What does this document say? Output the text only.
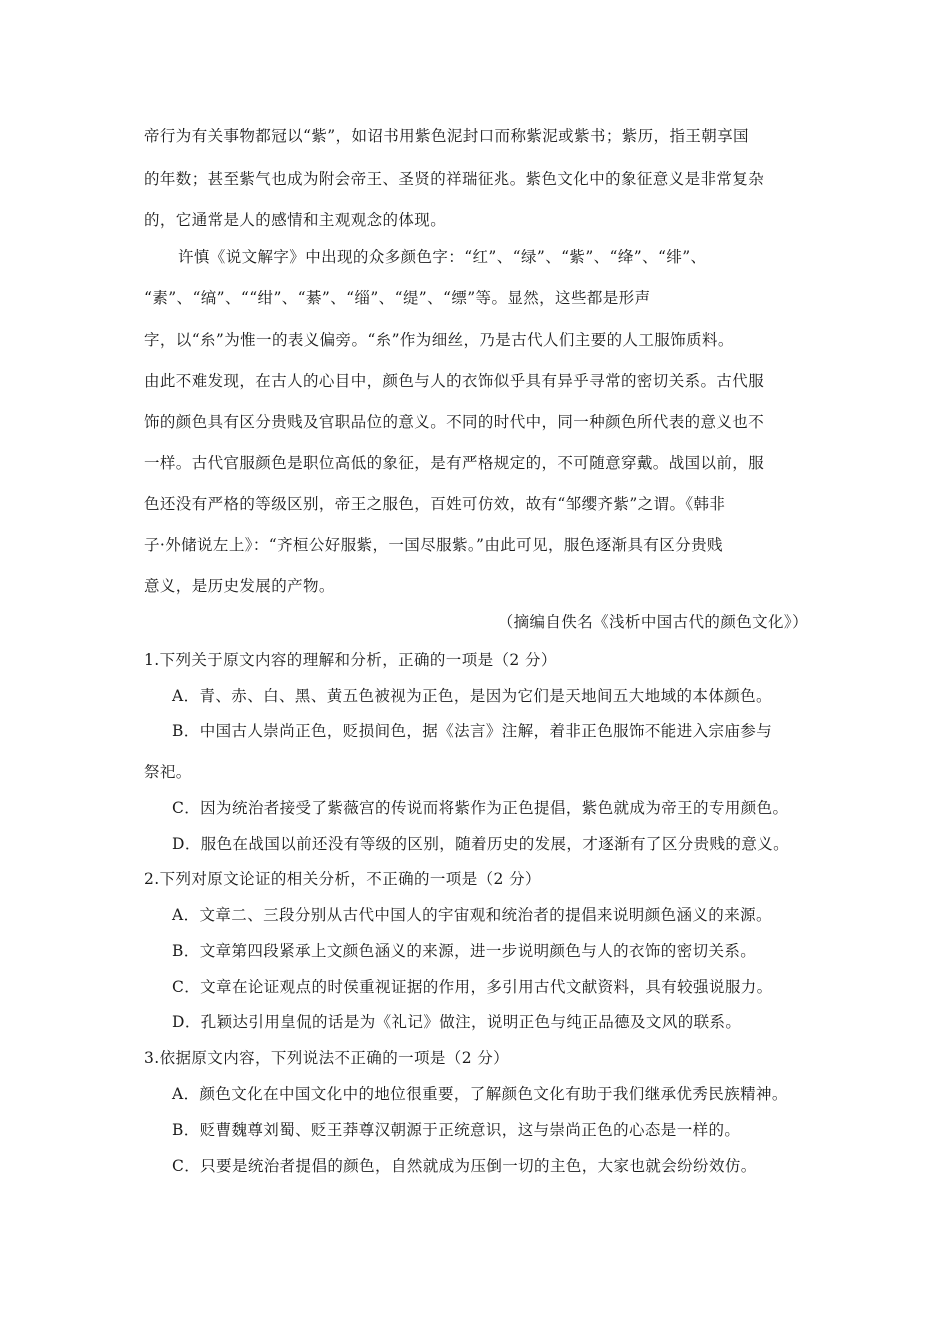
帝行为有关事物都冠以“紫”，如诏书用紫色泥封口而称紫泥或紫书；紫历，指王朝享国
的年数；甚至紫气也成为附会帝王、圣贤的祥瑞征兆。紫色文化中的象征意义是非常复杂
的，它通常是人的感情和主观观念的体现。
许慎《说文解字》中出现的众多颜色字：“红”、“绿”、“紫”、“绛”、“绯”、
“素”、“缟”、““绀”、“綦”、“缁”、“缇”、“缥”等。显然，这些都是形声
字，以“糸”为惟一的表义偏旁。“糸”作为细丝，乃是古代人们主要的人工服饰质料。
由此不难发现，在古人的心目中，颜色与人的衣饰似乎具有异乎寻常的密切关系。古代服
饰的颜色具有区分贵贱及官职品位的意义。不同的时代中，同一种颜色所代表的意义也不
一样。古代官服颜色是职位高低的象征，是有严格规定的，不可随意穿戴。战国以前，服
色还没有严格的等级区别，帝王之服色，百姓可仿效，故有“邹缨齐紫”之谓。《韩非
子·外储说左上》：“齐桓公好服紫，一国尽服紫。”由此可见，服色逐渐具有区分贵贱
意义，是历史发展的产物。
（摘编自佚名《浅析中国古代的颜色文化》）
1.下列关于原文内容的理解和分析，正确的一项是（2 分）
A．青、赤、白、黑、黄五色被视为正色，是因为它们是天地间五大地域的本体颜色。
B．中国古人崇尚正色，贬损间色，据《法言》注解，着非正色服饰不能进入宗庙参与
祭祀。
C．因为统治者接受了紫薇宫的传说而将紫作为正色提倡，紫色就成为帝王的专用颜色。
D．服色在战国以前还没有等级的区别，随着历史的发展，才逐渐有了区分贵贱的意义。
2.下列对原文论证的相关分析，不正确的一项是（2 分）
A．文章二、三段分别从古代中国人的宇宙观和统治者的提倡来说明颜色涵义的来源。
B．文章第四段紧承上文颜色涵义的来源，进一步说明颜色与人的衣饰的密切关系。
C．文章在论证观点的时侯重视证据的作用，多引用古代文献资料，具有较强说服力。
D．孔颖达引用皇侃的话是为《礼记》做注，说明正色与纯正品德及文风的联系。
3.依据原文内容，下列说法不正确的一项是（2 分）
A．颜色文化在中国文化中的地位很重要，了解颜色文化有助于我们继承优秀民族精神。
B．贬曹魏尊刘蜀、贬王莽尊汉朝源于正统意识，这与崇尚正色的心态是一样的。
C．只要是统治者提倡的颜色，自然就成为压倒一切的主色，大家也就会纷纷效仿。
